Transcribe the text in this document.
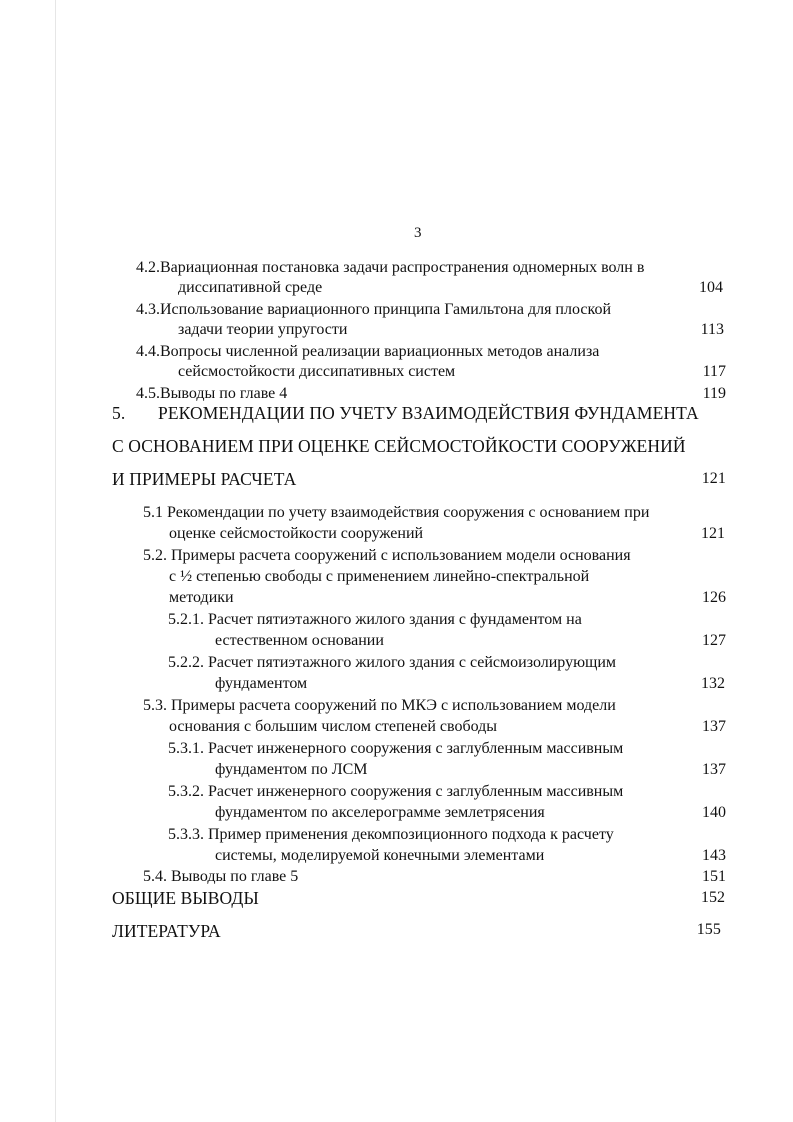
3
4.2.Вариационная постановка задачи распространения одномерных волн в
диссипативной среде	104
4.3.Использование вариационного принципа Гамильтона для плоской
задачи теории упругости	113
4.4.Вопросы численной реализации вариационных методов анализа
сейсмостойкости диссипативных систем	117
4.5.Выводы по главе 4	119
5. РЕКОМЕНДАЦИИ ПО УЧЕТУ ВЗАИМОДЕЙСТВИЯ ФУНДАМЕНТА
С ОСНОВАНИЕМ ПРИ ОЦЕНКЕ СЕЙСМОСТОЙКОСТИ СООРУЖЕНИЙ
И ПРИМЕРЫ РАСЧЕТА	121
5.1 Рекомендации по учету взаимодействия сооружения с основанием при
оценке сейсмостойкости сооружений	121
5.2. Примеры расчета сооружений с использованием модели основания
с ½ степенью свободы с применением линейно-спектральной
методики	126
5.2.1. Расчет пятиэтажного жилого здания с фундаментом на
естественном основании	127
5.2.2. Расчет пятиэтажного жилого здания с сейсмоизолирующим
фундаментом	132
5.3. Примеры расчета сооружений по МКЭ с использованием модели
основания с большим числом степеней свободы	137
5.3.1. Расчет инженерного сооружения с заглубленным массивным
фундаментом по ЛСМ	137
5.3.2. Расчет инженерного сооружения с заглубленным массивным
фундаментом по акселерограмме землетрясения	140
5.3.3. Пример применения декомпозиционного подхода к расчету
системы, моделируемой конечными элементами	143
5.4. Выводы по главе 5	151
ОБЩИЕ ВЫВОДЫ	152
ЛИТЕРАТУРА	155
